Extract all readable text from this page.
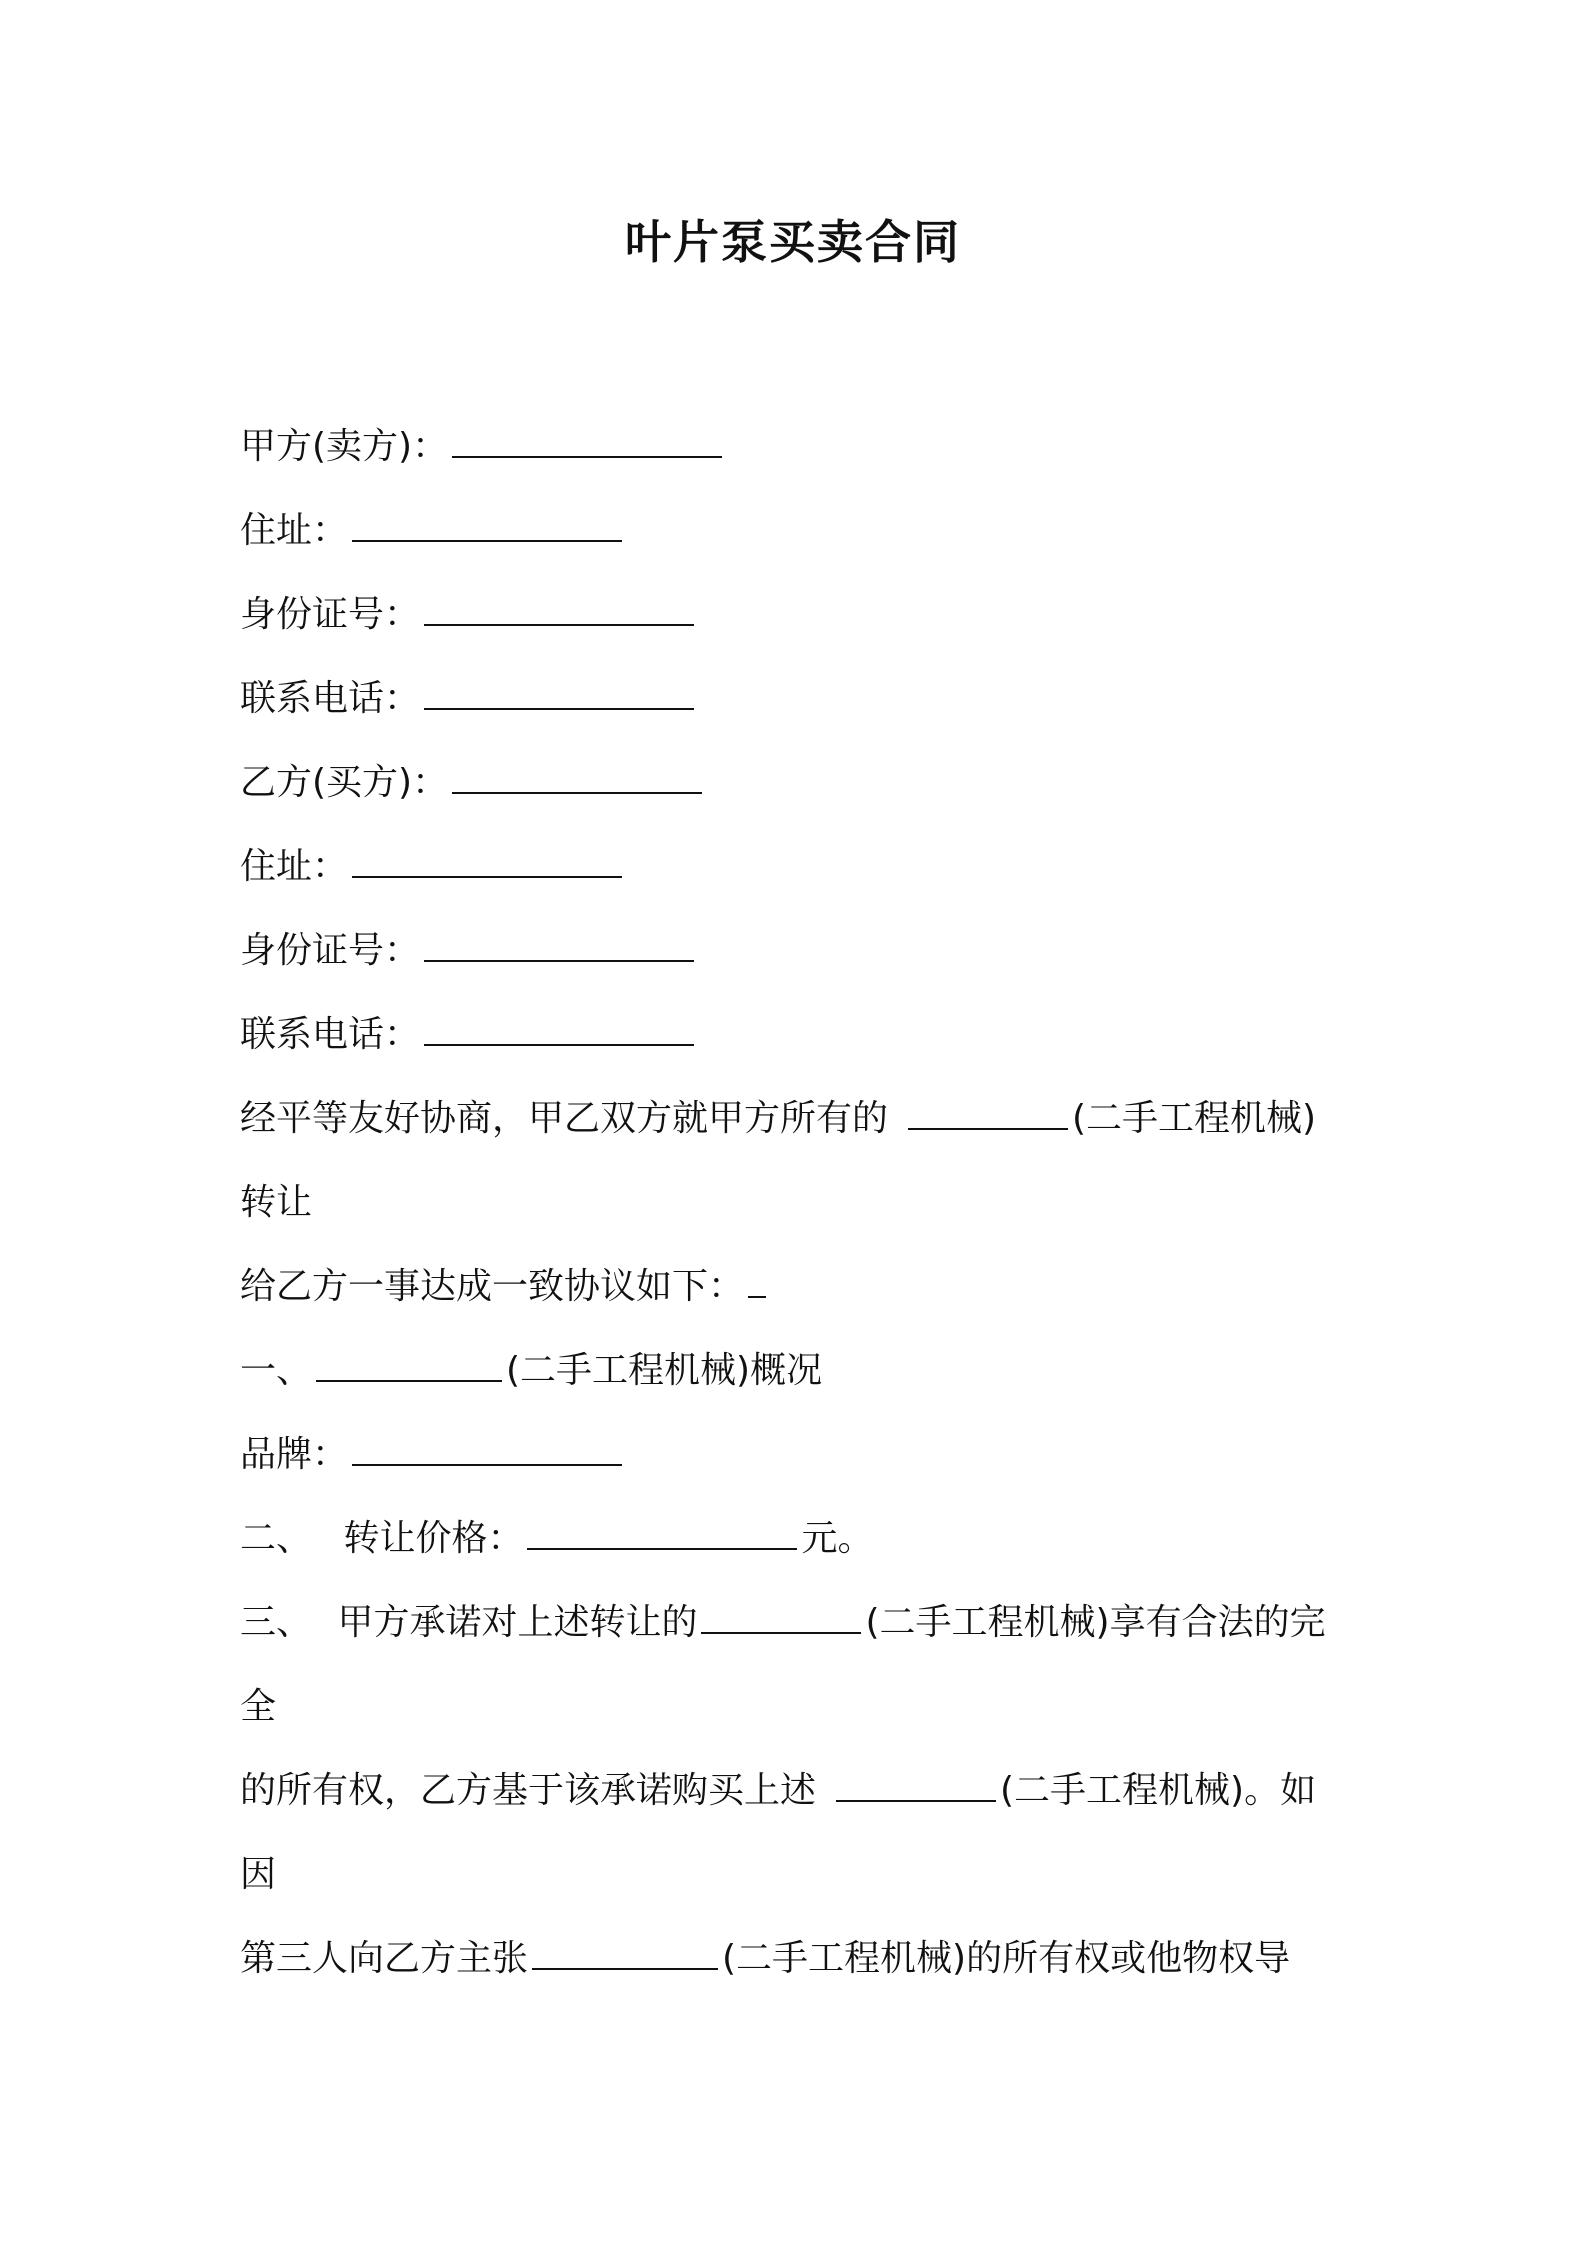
叶片泵买卖合同
甲方(卖方)：
住址：
身份证号：
联系电话：
乙方(买方)：
住址：
身份证号：
联系电话：
经平等友好协商，甲乙双方就甲方所有的	(二手工程机械)
转让
给乙方一事达成一致协议如下：
一、	(二手工程机械)概况
品牌：
二、 转让价格：	元。
三、 甲方承诺对上述转让的	(二手工程机械)享有合法的完
全
的所有权，乙方基于该承诺购买上述	(二手工程机械)。如
因
第三人向乙方主张	(二手工程机械)的所有权或他物权导
